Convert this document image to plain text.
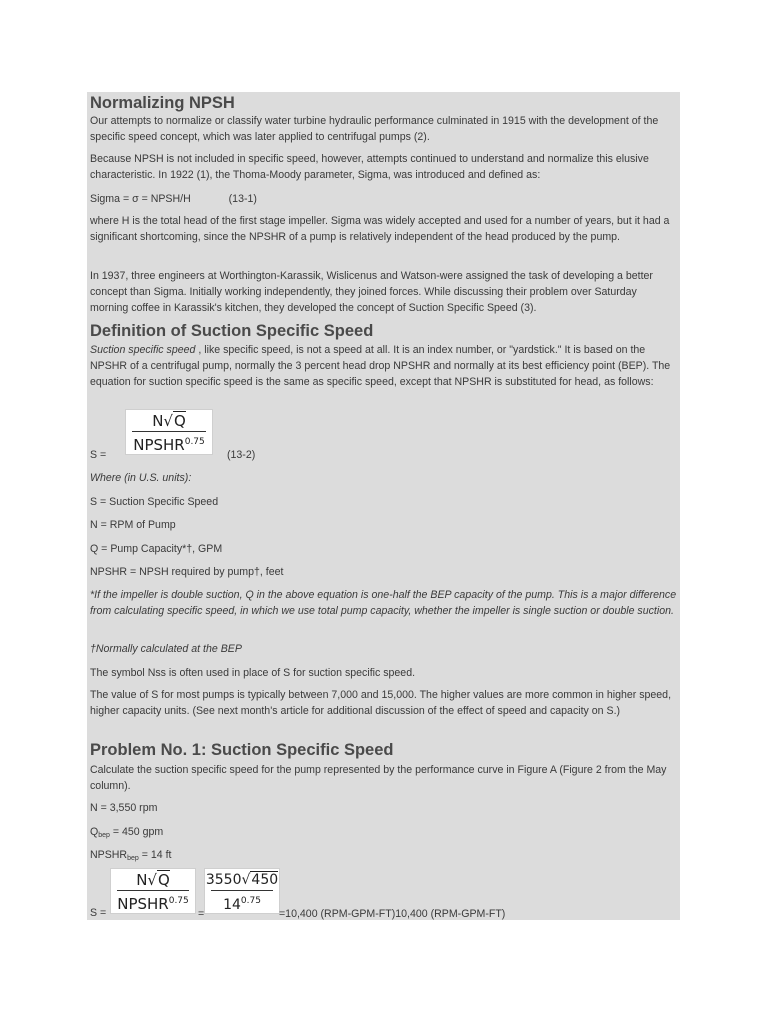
Normalizing NPSH

Our attempts to normalize or classify water turbine hydraulic performance culminated in 1915 with the development of the specific speed concept, which was later applied to centrifugal pumps (2).

Because NPSH is not included in specific speed, however, attempts continued to understand and normalize this elusive characteristic. In 1922 (1), the Thoma-Moody parameter, Sigma, was introduced and defined as:

Sigma = σ = NPSH/H	(13-1)

where H is the total head of the first stage impeller. Sigma was widely accepted and used for a number of years, but it had a significant shortcoming, since the NPSHR of a pump is relatively independent of the head produced by the pump.

In 1937, three engineers at Worthington-Karassik, Wislicenus and Watson-were assigned the task of developing a better concept than Sigma. Initially working independently, they joined forces. While discussing their problem over Saturday morning coffee in Karassik's kitchen, they developed the concept of Suction Specific Speed (3).

Definition of Suction Specific Speed

Suction specific speed , like specific speed, is not a speed at all. It is an index number, or "yardstick." It is based on the NPSHR of a centrifugal pump, normally the 3 percent head drop NPSHR and normally at its best efficiency point (BEP). The equation for suction specific speed is the same as specific speed, except that NPSHR is substituted for head, as follows:

S =
N√Q
$NPSHR^{0.75}$
(13-2)

Where (in U.S. units):

S = Suction Specific Speed

N = RPM of Pump

Q = Pump Capacity*†, GPM

NPSHR = NPSH required by pump†, feet

*If the impeller is double suction, Q in the above equation is one-half the BEP capacity of the pump. This is a major difference from calculating specific speed, in which we use total pump capacity, whether the impeller is single suction or double suction.

†Normally calculated at the BEP

The symbol Nss is often used in place of S for suction specific speed.

The value of S for most pumps is typically between 7,000 and 15,000. The higher values are more common in higher speed, higher capacity units. (See next month's article for additional discussion of the effect of speed and capacity on S.)

Problem No. 1: Suction Specific Speed

Calculate the suction specific speed for the pump represented by the performance curve in Figure A (Figure 2 from the May column).

N = 3,550 rpm

$Q_{bep} = 450$ gpm

$NPSHR_{bep} = 14$ ft

S =
N√Q
$NPSHR^{0.75}$
=
3550√450
$14^{0.75}$
=10,400 (RPM-GPM-FT)10,400 (RPM-GPM-FT)
